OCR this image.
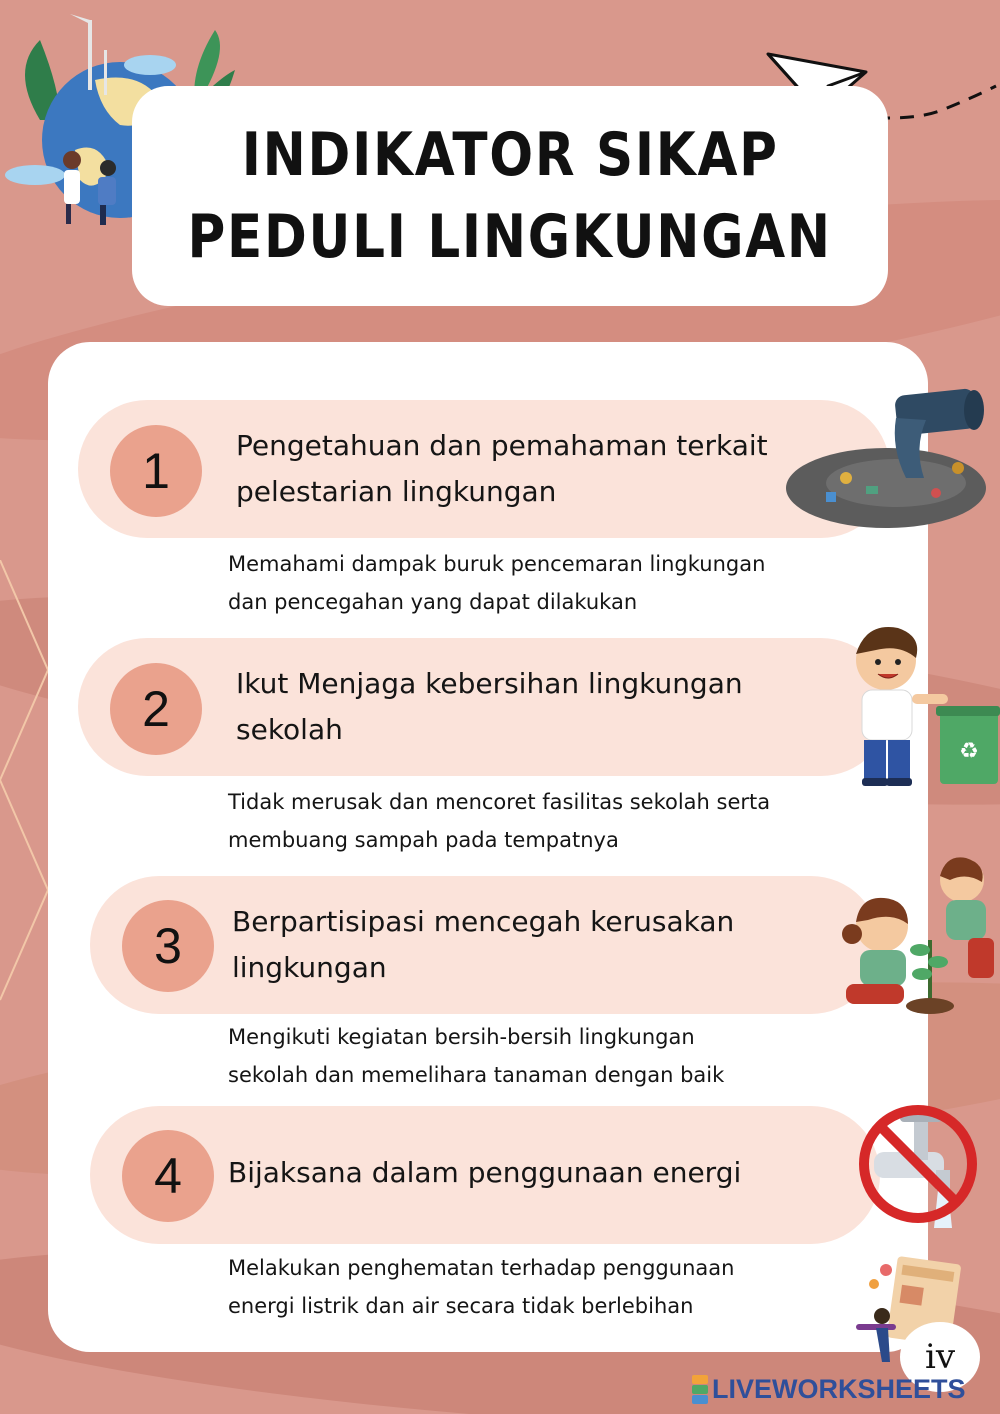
INDIKATOR SIKAP
PEDULI LINGKUNGAN
1	Pengetahuan dan pemahaman terkait
pelestarian lingkungan
Memahami dampak buruk pencemaran lingkungan
dan pencegahan yang dapat dilakukan
2	Ikut Menjaga kebersihan lingkungan
sekolah
Tidak merusak dan mencoret fasilitas sekolah serta
membuang sampah pada tempatnya
3	Berpartisipasi mencegah kerusakan
lingkungan
Mengikuti kegiatan bersih-bersih lingkungan
sekolah dan memelihara tanaman dengan baik
4	Bijaksana dalam penggunaan energi
Melakukan penghematan terhadap penggunaan
energi listrik dan air secara tidak berlebihan
♻
iv
LIVEWORKSHEETS
